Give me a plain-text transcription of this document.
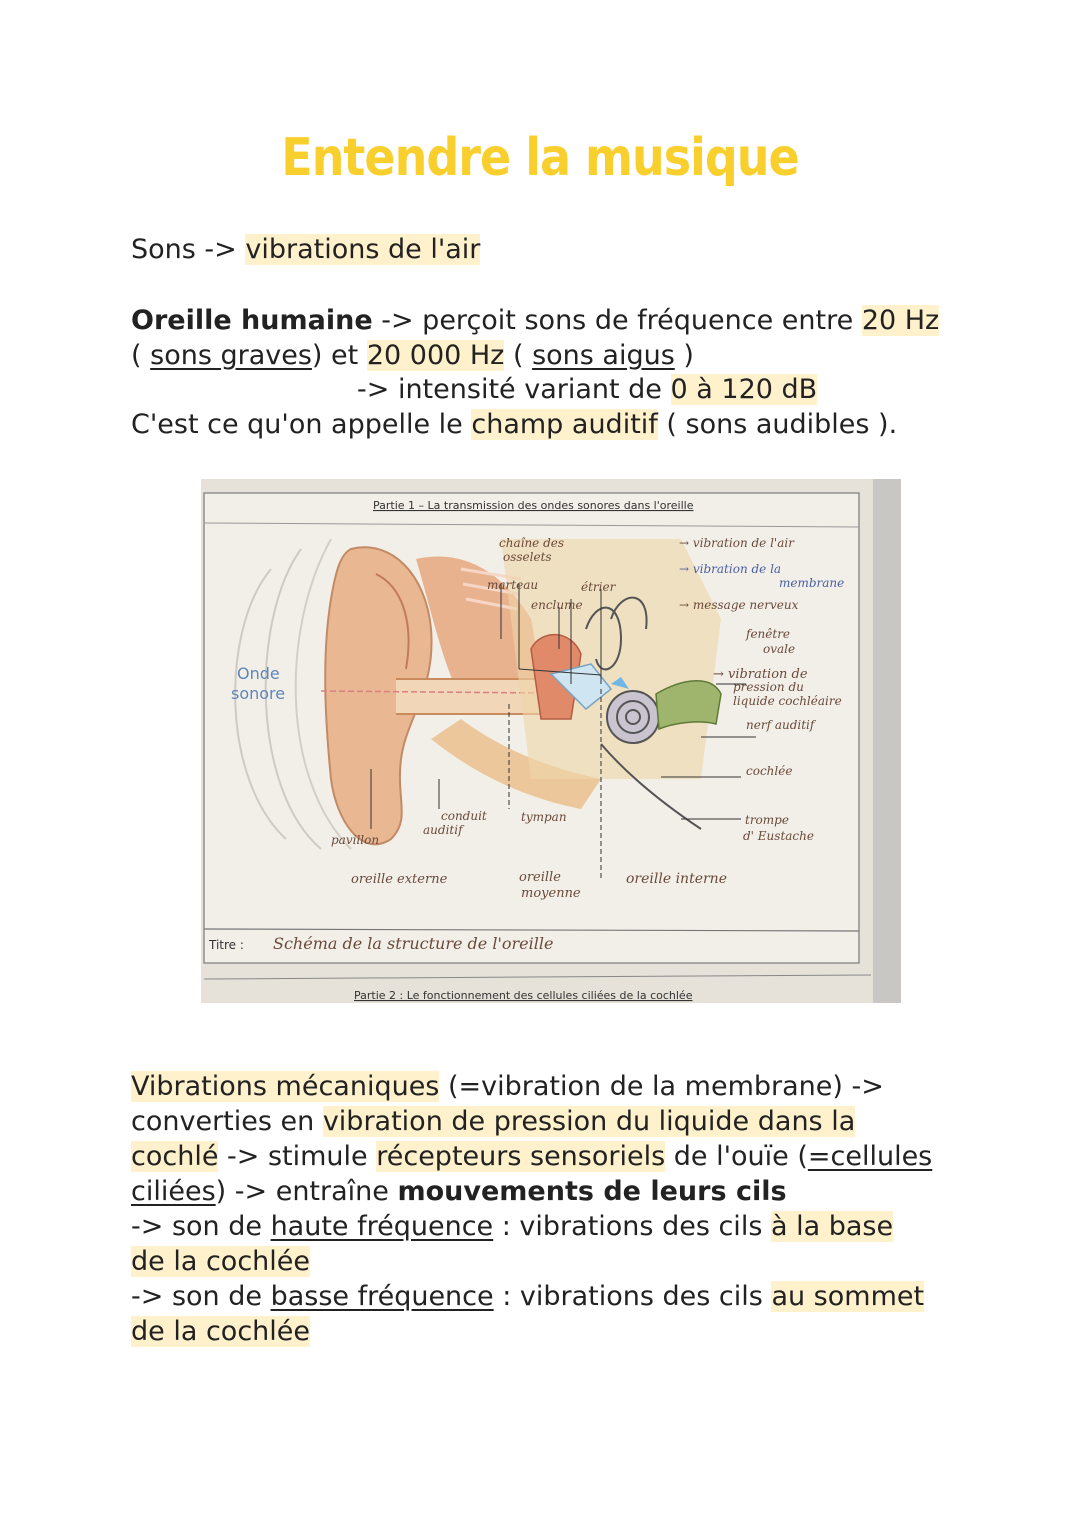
Entendre la musique
Sons -> vibrations de l'air
Oreille humaine -> perçoit sons de fréquence entre 20 Hz
( sons graves) et 20 000 Hz ( sons aigus )
-> intensité variant de 0 à 120 dB
C'est ce qu'on appelle le champ auditif ( sons audibles ).
Partie 1 – La transmission des ondes sonores dans l'oreille
Onde
sonore
chaîne des
osselets
marteau	étrier
enclume
→ vibration de l'air
→ vibration de la
membrane
→ message nerveux
fenêtre
ovale
→ vibration de
pression du
liquide cochléaire
nerf auditif
cochlée
conduit
auditif
tympan	trompe
d' Eustache
pavillon
oreille externe	oreille
moyenne
oreille interne
Titre : Schéma de la structure de l'oreille
Partie 2 : Le fonctionnement des cellules ciliées de la cochlée
Vibrations mécaniques (=vibration de la membrane) ->
converties en vibration de pression du liquide dans la
cochlé -> stimule récepteurs sensoriels de l'ouïe (=cellules
ciliées) -> entraîne mouvements de leurs cils
-> son de haute fréquence : vibrations des cils à la base
de la cochlée
-> son de basse fréquence : vibrations des cils au sommet
de la cochlée
